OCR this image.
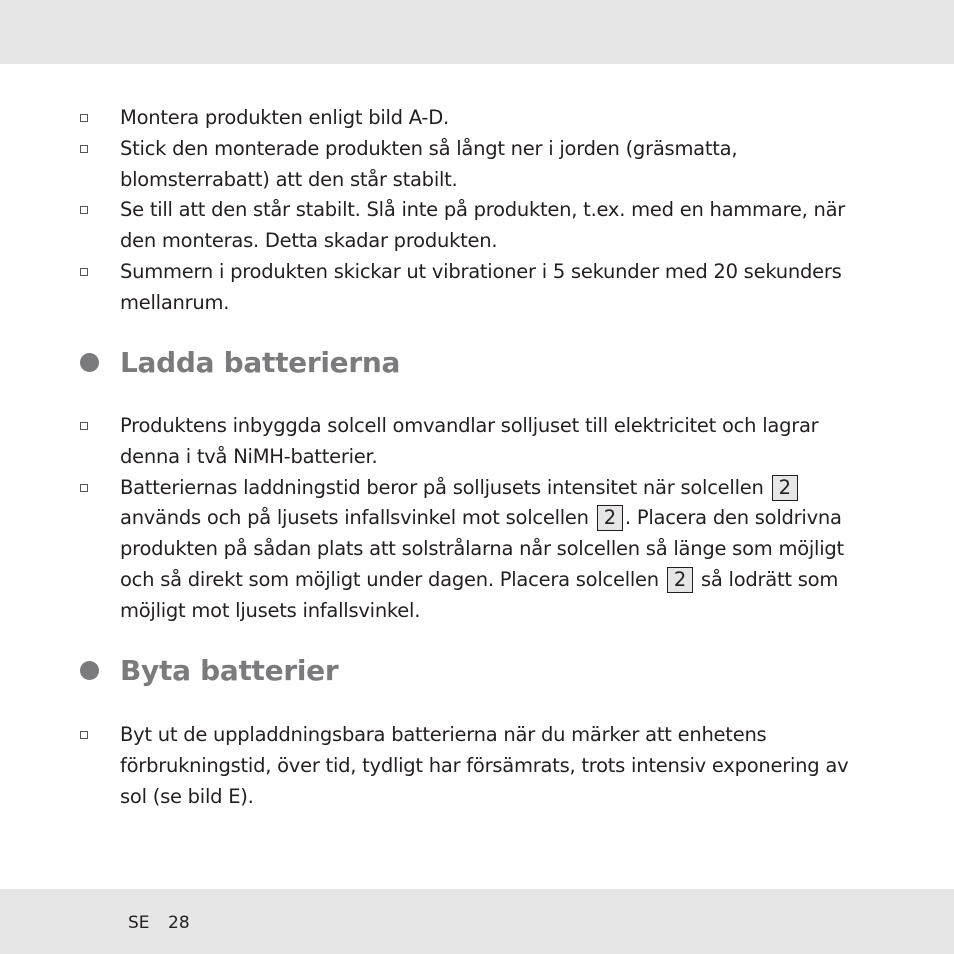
Montera produkten enligt bild A-D.
Stick den monterade produkten så långt ner i jorden (gräsmatta, blomsterrabatt) att den står stabilt.
Se till att den står stabilt. Slå inte på produkten, t.ex. med en hammare, när den monteras. Detta skadar produkten.
Summern i produkten skickar ut vibrationer i 5 sekunder med 20 sekunders mellanrum.
Ladda batterierna
Produktens inbyggda solcell omvandlar solljuset till elektricitet och lagrar denna i två NiMH-batterier.
Batteriernas laddningstid beror på solljusets intensitet när solcellen 2 används och på ljusets infallsvinkel mot solcellen 2 . Placera den soldrivna produkten på sådan plats att solstrålarna når solcellen så länge som möjligt och så direkt som möjligt under dagen. Placera solcellen 2 så lodrätt som möjligt mot ljusets infallsvinkel.
Byta batterier
Byt ut de uppladdningsbara batterierna när du märker att enhetens förbrukningstid, över tid, tydligt har försämrats, trots intensiv exponering av sol (se bild E).
SE 28
